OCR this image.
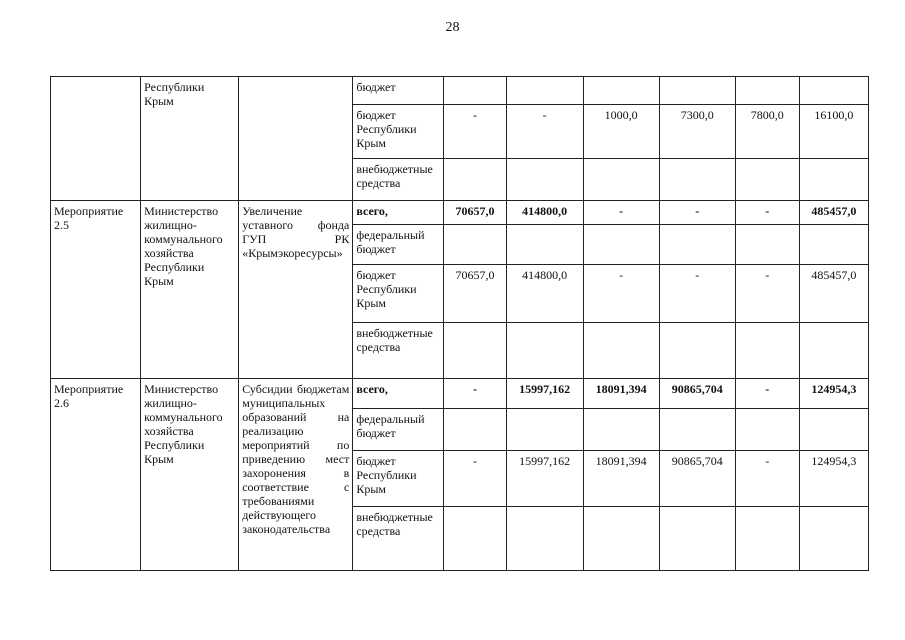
28
	Республики Крым		бюджет						
			бюджет Республики Крым	-	-	1000,0	7300,0	7800,0	16100,0
			внебюджетные средства						
Мероприятие 2.5	Министерство жилищно-коммунального хозяйства Республики Крым	Увеличение уставного фонда ГУП РК «Крымэкоресурсы»	всего,	70657,0	414800,0	-	-	-	485457,0
			федеральный бюджет						
			бюджет Республики Крым	70657,0	414800,0	-	-	-	485457,0
			внебюджетные средства						
Мероприятие 2.6	Министерство жилищно-коммунального хозяйства Республики Крым	Субсидии бюджетам муниципальных образований на реализацию мероприятий по приведению мест захоронения в соответствие с требованиями действующего законодательства	всего,	-	15997,162	18091,394	90865,704	-	124954,3
			федеральный бюджет						
			бюджет Республики Крым	-	15997,162	18091,394	90865,704	-	124954,3
			внебюджетные средства						
